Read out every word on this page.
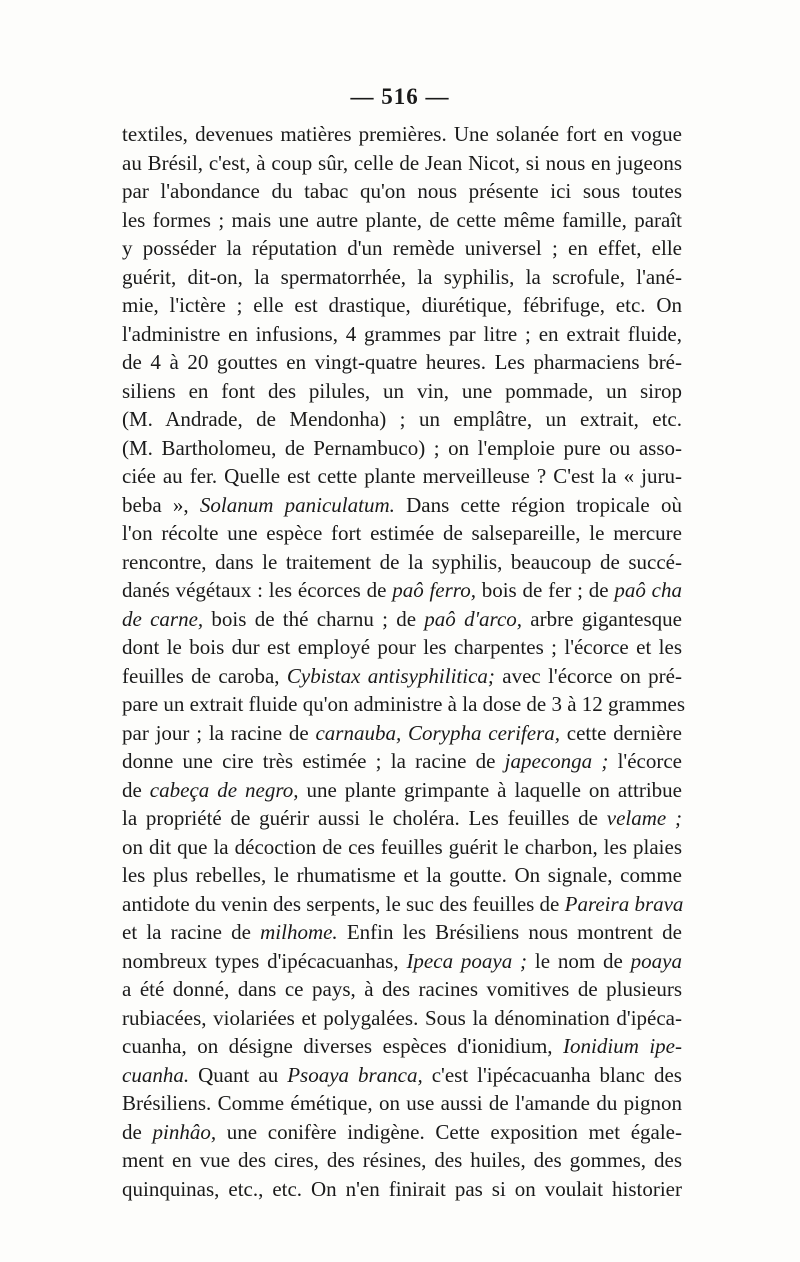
— 516 —
textiles, devenues matières premières. Une solanée fort en vogue
au Brésil, c'est, à coup sûr, celle de Jean Nicot, si nous en jugeons
par l'abondance du tabac qu'on nous présente ici sous toutes
les formes ; mais une autre plante, de cette même famille, paraît
y posséder la réputation d'un remède universel ; en effet, elle
guérit, dit-on, la spermatorrhée, la syphilis, la scrofule, l'ané-
mie, l'ictère ; elle est drastique, diurétique, fébrifuge, etc. On
l'administre en infusions, 4 grammes par litre ; en extrait fluide,
de 4 à 20 gouttes en vingt-quatre heures. Les pharmaciens bré-
siliens en font des pilules, un vin, une pommade, un sirop
(M. Andrade, de Mendonha) ; un emplâtre, un extrait, etc.
(M. Bartholomeu, de Pernambuco) ; on l'emploie pure ou asso-
ciée au fer. Quelle est cette plante merveilleuse ? C'est la « juru-
beba », Solanum paniculatum. Dans cette région tropicale où
l'on récolte une espèce fort estimée de salsepareille, le mercure
rencontre, dans le traitement de la syphilis, beaucoup de succé-
danés végétaux : les écorces de paô ferro, bois de fer ; de paô cha
de carne, bois de thé charnu ; de paô d'arco, arbre gigantesque
dont le bois dur est employé pour les charpentes ; l'écorce et les
feuilles de caroba, Cybistax antisyphilitica; avec l'écorce on pré-
pare un extrait fluide qu'on administre à la dose de 3 à 12 grammes
par jour ; la racine de carnauba, Corypha cerifera, cette dernière
donne une cire très estimée ; la racine de japeconga ; l'écorce
de cabeça de negro, une plante grimpante à laquelle on attribue
la propriété de guérir aussi le choléra. Les feuilles de velame ;
on dit que la décoction de ces feuilles guérit le charbon, les plaies
les plus rebelles, le rhumatisme et la goutte. On signale, comme
antidote du venin des serpents, le suc des feuilles de Pareira brava
et la racine de milhome. Enfin les Brésiliens nous montrent de
nombreux types d'ipécacuanhas, Ipeca poaya ; le nom de poaya
a été donné, dans ce pays, à des racines vomitives de plusieurs
rubiacées, violariées et polygalées. Sous la dénomination d'ipéca-
cuanha, on désigne diverses espèces d'ionidium, Ionidium ipe-
cuanha. Quant au Psoaya branca, c'est l'ipécacuanha blanc des
Brésiliens. Comme émétique, on use aussi de l'amande du pignon
de pinhâo, une conifère indigène. Cette exposition met égale-
ment en vue des cires, des résines, des huiles, des gommes, des
quinquinas, etc., etc. On n'en finirait pas si on voulait historier
